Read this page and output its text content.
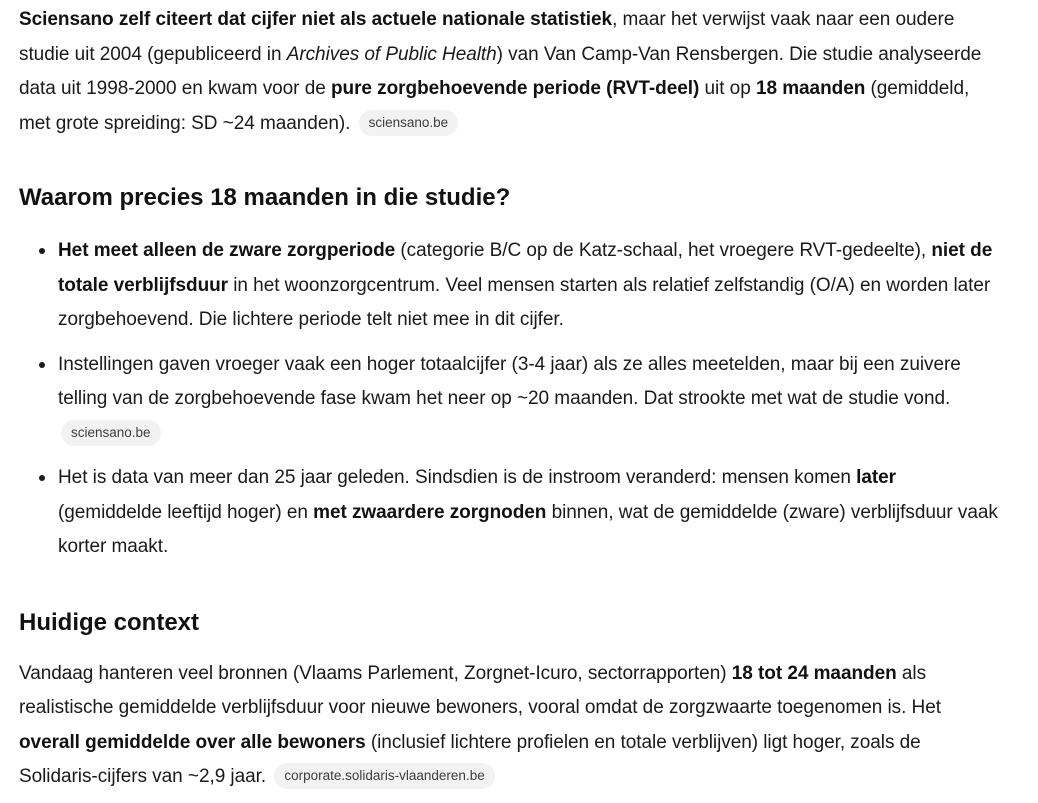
Sciensano zelf citeert dat cijfer niet als actuele nationale statistiek, maar het verwijst vaak naar een oudere studie uit 2004 (gepubliceerd in Archives of Public Health) van Van Camp-Van Rensbergen. Die studie analyseerde data uit 1998-2000 en kwam voor de pure zorgbehoevende periode (RVT-deel) uit op 18 maanden (gemiddeld, met grote spreiding: SD ~24 maanden). sciensano.be

Waarom precies 18 maanden in die studie?
Het meet alleen de zware zorgperiode (categorie B/C op de Katz-schaal, het vroegere RVT-gedeelte), niet de totale verblijfsduur in het woonzorgcentrum. Veel mensen starten als relatief zelfstandig (O/A) en worden later zorgbehoevend. Die lichtere periode telt niet mee in dit cijfer.
Instellingen gaven vroeger vaak een hoger totaalcijfer (3-4 jaar) als ze alles meetelden, maar bij een zuivere telling van de zorgbehoevende fase kwam het neer op ~20 maanden. Dat strookte met wat de studie vond. sciensano.be
Het is data van meer dan 25 jaar geleden. Sindsdien is de instroom veranderd: mensen komen later (gemiddelde leeftijd hoger) en met zwaardere zorgnoden binnen, wat de gemiddelde (zware) verblijfsduur vaak korter maakt.
Huidige context

Vandaag hanteren veel bronnen (Vlaams Parlement, Zorgnet-Icuro, sectorrapporten) 18 tot 24 maanden als realistische gemiddelde verblijfsduur voor nieuwe bewoners, vooral omdat de zorgzwaarte toegenomen is. Het overall gemiddelde over alle bewoners (inclusief lichtere profielen en totale verblijven) ligt hoger, zoals de Solidaris-cijfers van ~2,9 jaar. corporate.solidaris-vlaanderen.be
